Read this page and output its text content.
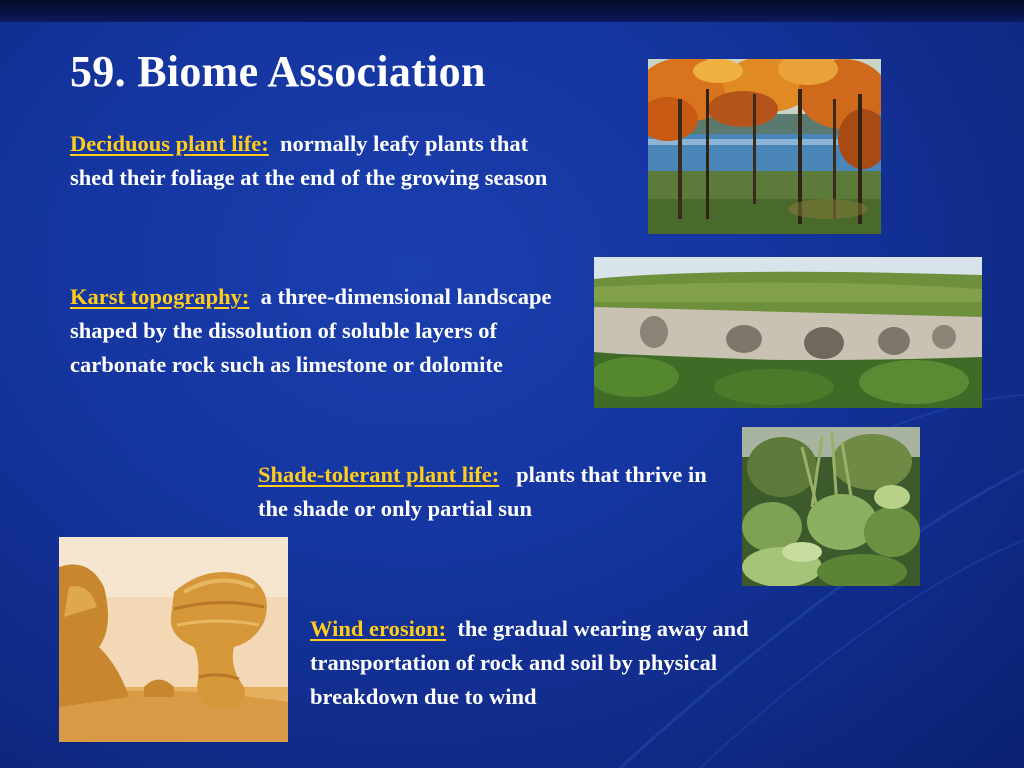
59. Biome Association
Deciduous plant life: normally leafy plants that shed their foliage at the end of the growing season
Karst topography: a three-dimensional landscape shaped by the dissolution of soluble layers of carbonate rock such as limestone or dolomite
Shade-tolerant plant life: plants that thrive in the shade or only partial sun
Wind erosion: the gradual wearing away and transportation of rock and soil by physical breakdown due to wind
